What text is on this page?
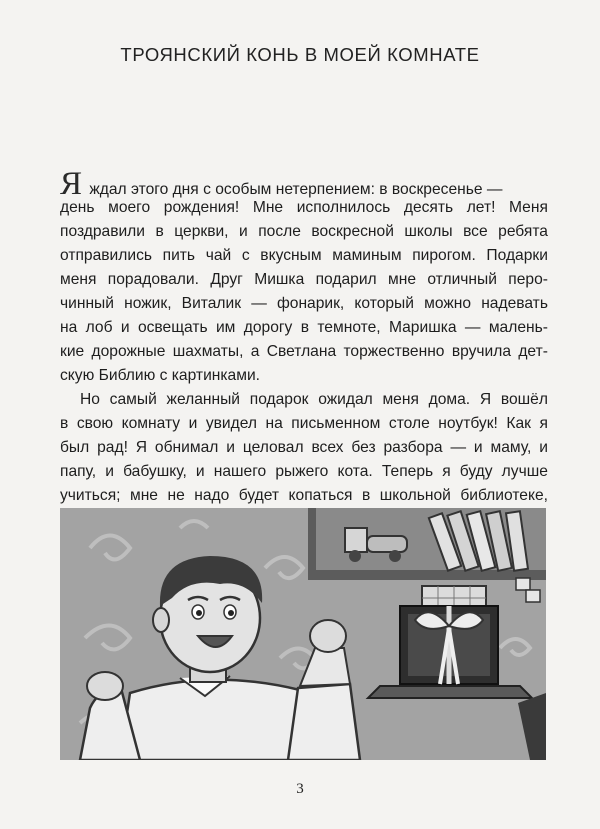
ТРОЯНСКИЙ КОНЬ В МОЕЙ КОМНАТЕ
Я ждал этого дня с особым нетерпением: в воскресенье —
день моего рождения! Мне исполнилось десять лет! Меня
поздравили в церкви, и после воскресной школы все ребята
отправились пить чай с вкусным маминым пирогом. Подарки
меня порадовали. Друг Мишка подарил мне отличный перо-
чинный ножик, Виталик — фонарик, который можно надевать
на лоб и освещать им дорогу в темноте, Маришка — малень-
кие дорожные шахматы, а Светлана торжественно вручила дет-
скую Библию с картинками.
Но самый желанный подарок ожидал меня дома. Я вошёл
в свою комнату и увидел на письменном столе ноутбук! Как я
был рад! Я обнимал и целовал всех без разбора — и маму, и
папу, и бабушку, и нашего рыжего кота. Теперь я буду лучше
учиться; мне не надо будет копаться в школьной библиотеке,
3
